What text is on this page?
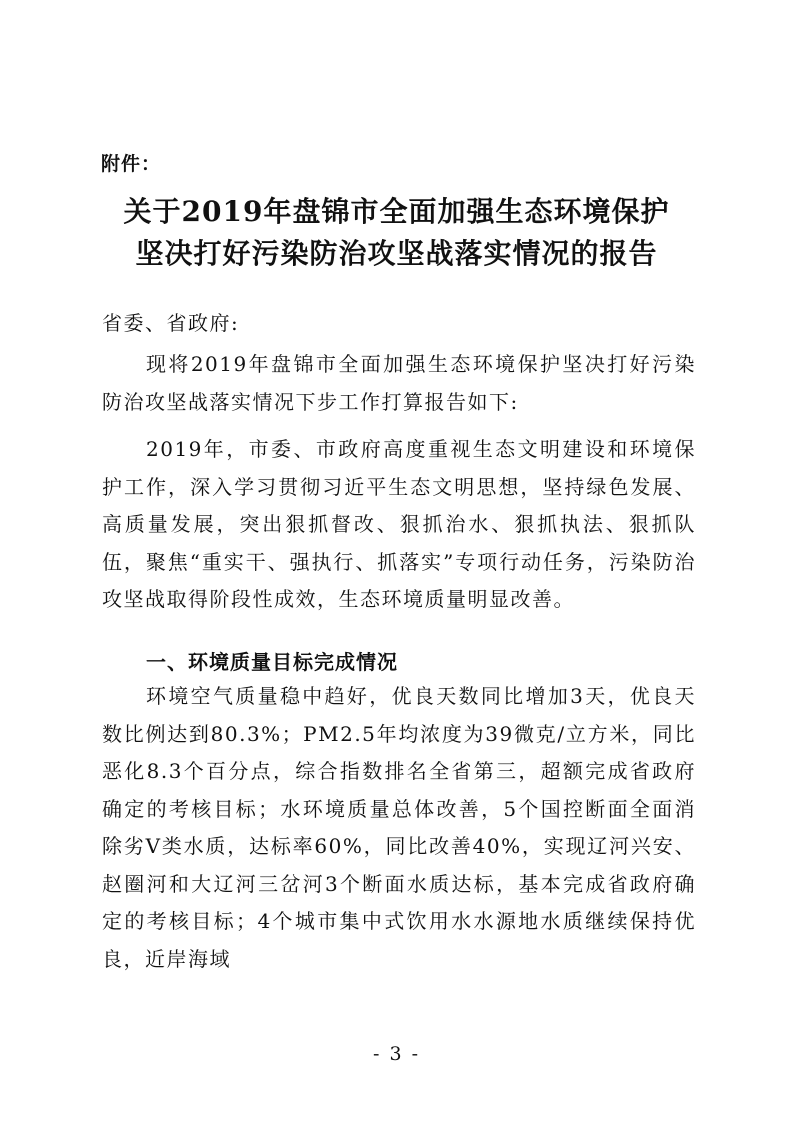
附件：
关于2019年盘锦市全面加强生态环境保护
坚决打好污染防治攻坚战落实情况的报告
省委、省政府:
现将2019年盘锦市全面加强生态环境保护坚决打好污染防治攻坚战落实情况下步工作打算报告如下:
2019年，市委、市政府高度重视生态文明建设和环境保护工作，深入学习贯彻习近平生态文明思想，坚持绿色发展、高质量发展，突出狠抓督改、狠抓治水、狠抓执法、狠抓队伍，聚焦“重实干、强执行、抓落实”专项行动任务，污染防治攻坚战取得阶段性成效，生态环境质量明显改善。
一、环境质量目标完成情况
环境空气质量稳中趋好，优良天数同比增加3天，优良天数比例达到80.3%；PM2.5年均浓度为39微克/立方米，同比恶化8.3个百分点，综合指数排名全省第三，超额完成省政府确定的考核目标；水环境质量总体改善，5个国控断面全面消除劣V类水质，达标率60%，同比改善40%，实现辽河兴安、赵圈河和大辽河三岔河3个断面水质达标，基本完成省政府确定的考核目标；4个城市集中式饮用水水源地水质继续保持优良，近岸海域
- 3 -
